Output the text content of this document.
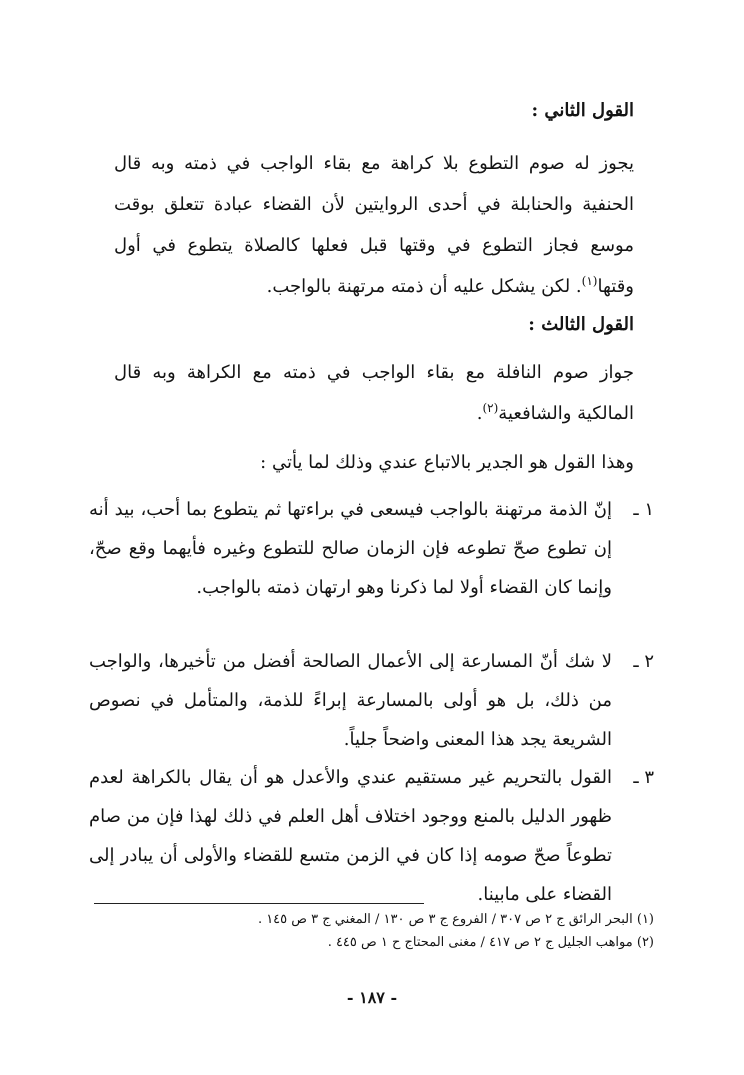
القول الثاني :

يجوز له صوم التطوع بلا كراهة مع بقاء الواجب في ذمته وبه قال الحنفية والحنابلة في أحدى الروايتين لأن القضاء عبادة تتعلق بوقت موسع فجاز التطوع في وقتها قبل فعلها كالصلاة يتطوع في أول وقتها$^{(١)}$. لكن يشكل عليه أن ذمته مرتهنة بالواجب.

القول الثالث :

جواز صوم النافلة مع بقاء الواجب في ذمته مع الكراهة وبه قال المالكية والشافعية$^{(٢)}$.

وهذا القول هو الجدير بالاتباع عندي وذلك لما يأتي :

١ ـ
إنّ الذمة مرتهنة بالواجب فيسعى في براءتها ثم يتطوع بما أحب، بيد أنه إن تطوع صحّ تطوعه فإن الزمان صالح للتطوع وغيره فأيهما وقع صحّ، وإنما كان القضاء أولا لما ذكرنا وهو ارتهان ذمته بالواجب.
٢ ـ
لا شك أنّ المسارعة إلى الأعمال الصالحة أفضل من تأخيرها، والواجب من ذلك، بل هو أولى بالمسارعة إبراءً للذمة، والمتأمل في نصوص الشريعة يجد هذا المعنى واضحاً جلياً.
٣ ـ
القول بالتحريم غير مستقيم عندي والأعدل هو أن يقال بالكراهة لعدم ظهور الدليل بالمنع ووجود اختلاف أهل العلم في ذلك لهذا فإن من صام تطوعاً صحّ صومه إذا كان في الزمن متسع للقضاء والأولى أن يبادر إلى القضاء على مابينا.
(١) البحر الرائق ج ٢ ص ٣٠٧ / الفروع ج ٣ ص ١٣٠ / المغني ج ٣ ص ١٤٥ .
(٢) مواهب الجليل ج ٢ ص ٤١٧ / مغنى المحتاج ح ١ ص ٤٤٥ .
- ١٨٧ -
